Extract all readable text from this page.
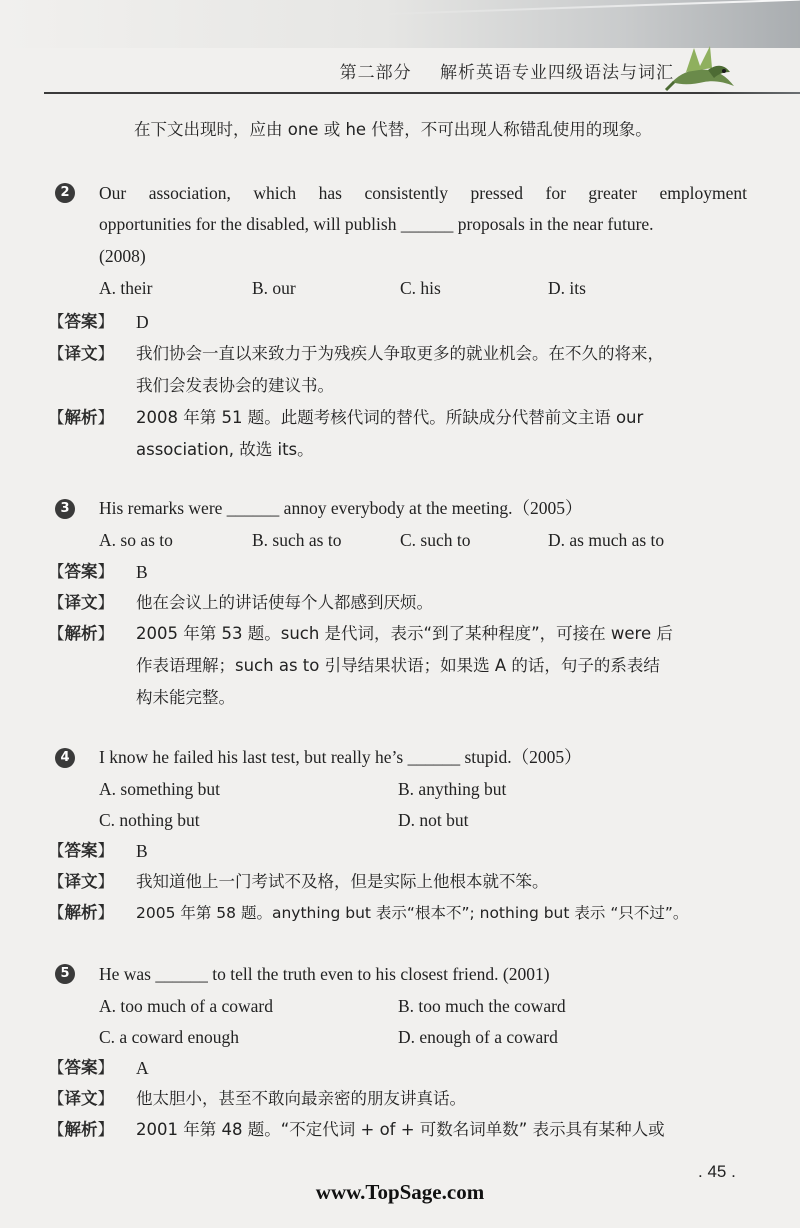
第二部分 解析英语专业四级语法与词汇
在下文出现时，应由 one 或 he 代替，不可出现人称错乱使用的现象。
2	Our association, which has consistently pressed for greater employment
opportunities for the disabled, will publish ______ proposals in the near future.
(2008)
A. their	B. our	C. his	D. its
【答案】 D
【译文】 我们协会一直以来致力于为残疾人争取更多的就业机会。在不久的将来，
我们会发表协会的建议书。
【解析】 2008 年第 51 题。此题考核代词的替代。所缺成分代替前文主语 our
association, 故选 its。
3	His remarks were ______ annoy everybody at the meeting.（2005）
A. so as to	B. such as to	C. such to	D. as much as to
【答案】 B
【译文】 他在会议上的讲话使每个人都感到厌烦。
【解析】 2005 年第 53 题。such 是代词，表示“到了某种程度”，可接在 were 后
作表语理解；such as to 引导结果状语；如果选 A 的话，句子的系表结
构未能完整。
4	I know he failed his last test, but really he’s ______ stupid.（2005）
A. something but	B. anything but
C. nothing but	D. not but
【答案】 B
【译文】 我知道他上一门考试不及格，但是实际上他根本就不笨。
【解析】 2005 年第 58 题。anything but 表示“根本不”; nothing but 表示 “只不过”。
5	He was ______ to tell the truth even to his closest friend. (2001)
A. too much of a coward	B. too much the coward
C. a coward enough	D. enough of a coward
【答案】 A
【译文】 他太胆小，甚至不敢向最亲密的朋友讲真话。
【解析】 2001 年第 48 题。“不定代词 + of + 可数名词单数” 表示具有某种人或
. 45 .
www.TopSage.com
